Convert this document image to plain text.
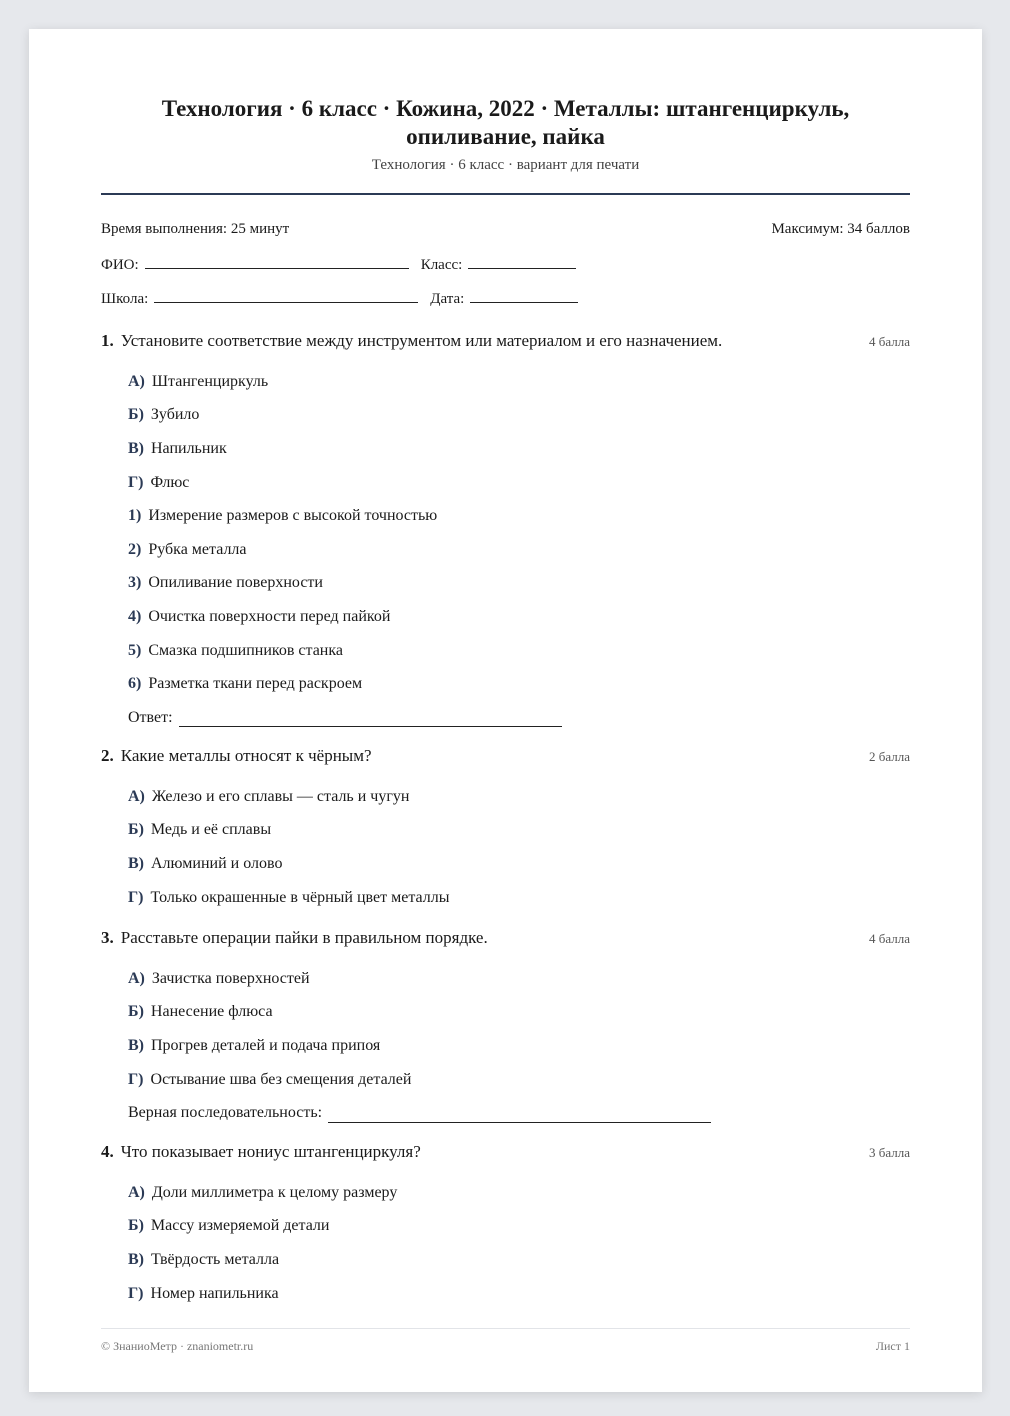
Технология · 6 класс · Кожина, 2022 · Металлы: штангенциркуль, опиливание, пайка
Технология · 6 класс · вариант для печати
Время выполнения: 25 минут	Максимум: 34 баллов
ФИО:	Класс:
Школа:	Дата:
1. Установите соответствие между инструментом или материалом и его назначением.	4 балла
А) Штангенциркуль
Б) Зубило
В) Напильник
Г) Флюс
1) Измерение размеров с высокой точностью
2) Рубка металла
3) Опиливание поверхности
4) Очистка поверхности перед пайкой
5) Смазка подшипников станка
6) Разметка ткани перед раскроем
Ответ:
2. Какие металлы относят к чёрным?	2 балла
А) Железо и его сплавы — сталь и чугун
Б) Медь и её сплавы
В) Алюминий и олово
Г) Только окрашенные в чёрный цвет металлы
3. Расставьте операции пайки в правильном порядке.	4 балла
А) Зачистка поверхностей
Б) Нанесение флюса
В) Прогрев деталей и подача припоя
Г) Остывание шва без смещения деталей
Верная последовательность:
4. Что показывает нониус штангенциркуля?	3 балла
А) Доли миллиметра к целому размеру
Б) Массу измеряемой детали
В) Твёрдость металла
Г) Номер напильника
© ЗнаниоМетр · znaniometr.ru	Лист 1
